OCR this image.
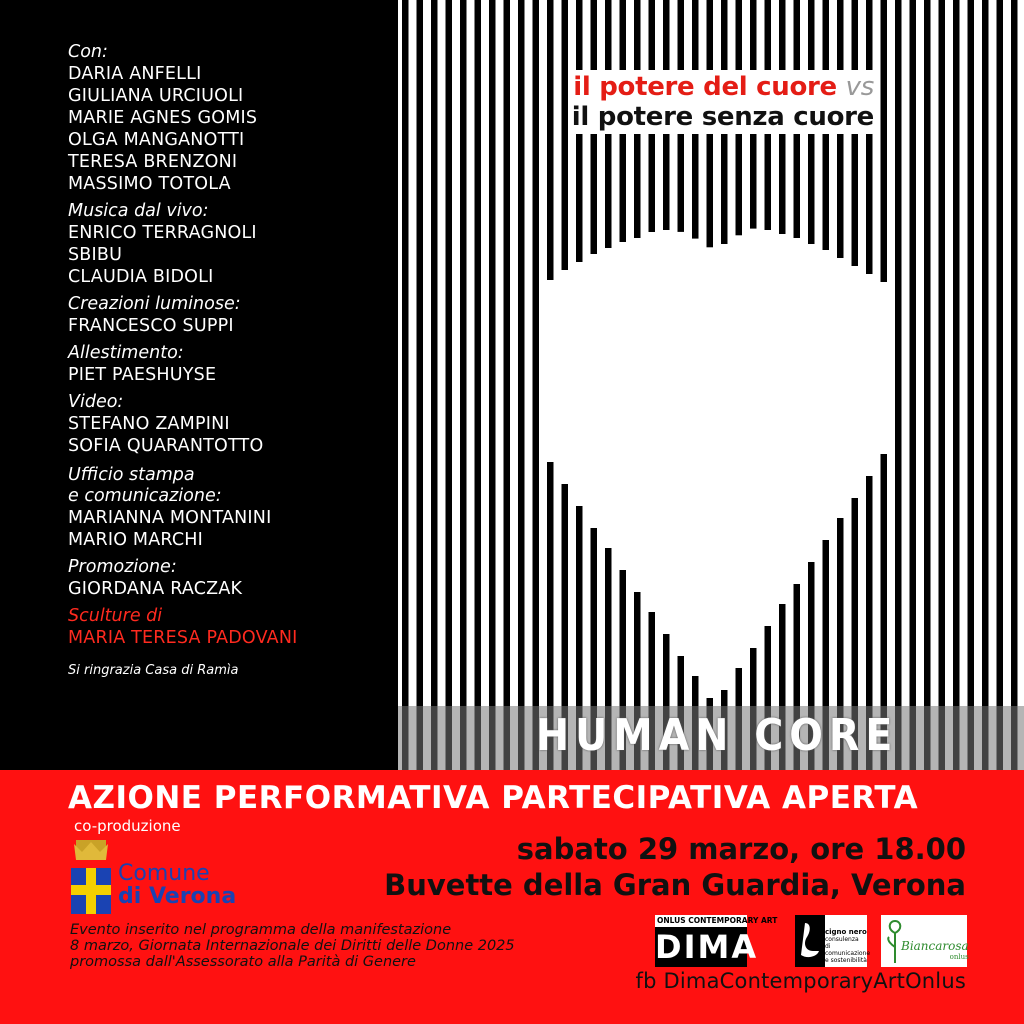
Con:
DARIA ANFELLI
GIULIANA URCIUOLI
MARIE AGNES GOMIS
OLGA MANGANOTTI
TERESA BRENZONI
MASSIMO TOTOLA
Musica dal vivo:
ENRICO TERRAGNOLI
SBIBU
CLAUDIA BIDOLI
Creazioni luminose:
FRANCESCO SUPPI
Allestimento:
PIET PAESHUYSE
Video:
STEFANO ZAMPINI
SOFIA QUARANTOTTO
Ufficio stampa
e comunicazione:
MARIANNA MONTANINI
MARIO MARCHI
Promozione:
GIORDANA RACZAK
Sculture di
MARIA TERESA PADOVANI
Si ringrazia Casa di Ramìa
il potere del cuore vs
il potere senza cuore
HUMAN CORE
AZIONE PERFORMATIVA PARTECIPATIVA APERTA
co-produzione
Comune
di Verona
sabato 29 marzo, ore 18.00
Buvette della Gran Guardia, Verona
Evento inserito nel programma della manifestazione
8 marzo, Giornata Internazionale dei Diritti delle Donne 2025
promossa dall'Assessorato alla Parità di Genere
ONLUS CONTEMPORARY ART
DIMA	cigno nero
consulenza
di comunicazione
e sostenibilità
Biancarosa
onlus
fb DimaContemporaryArtOnlus
